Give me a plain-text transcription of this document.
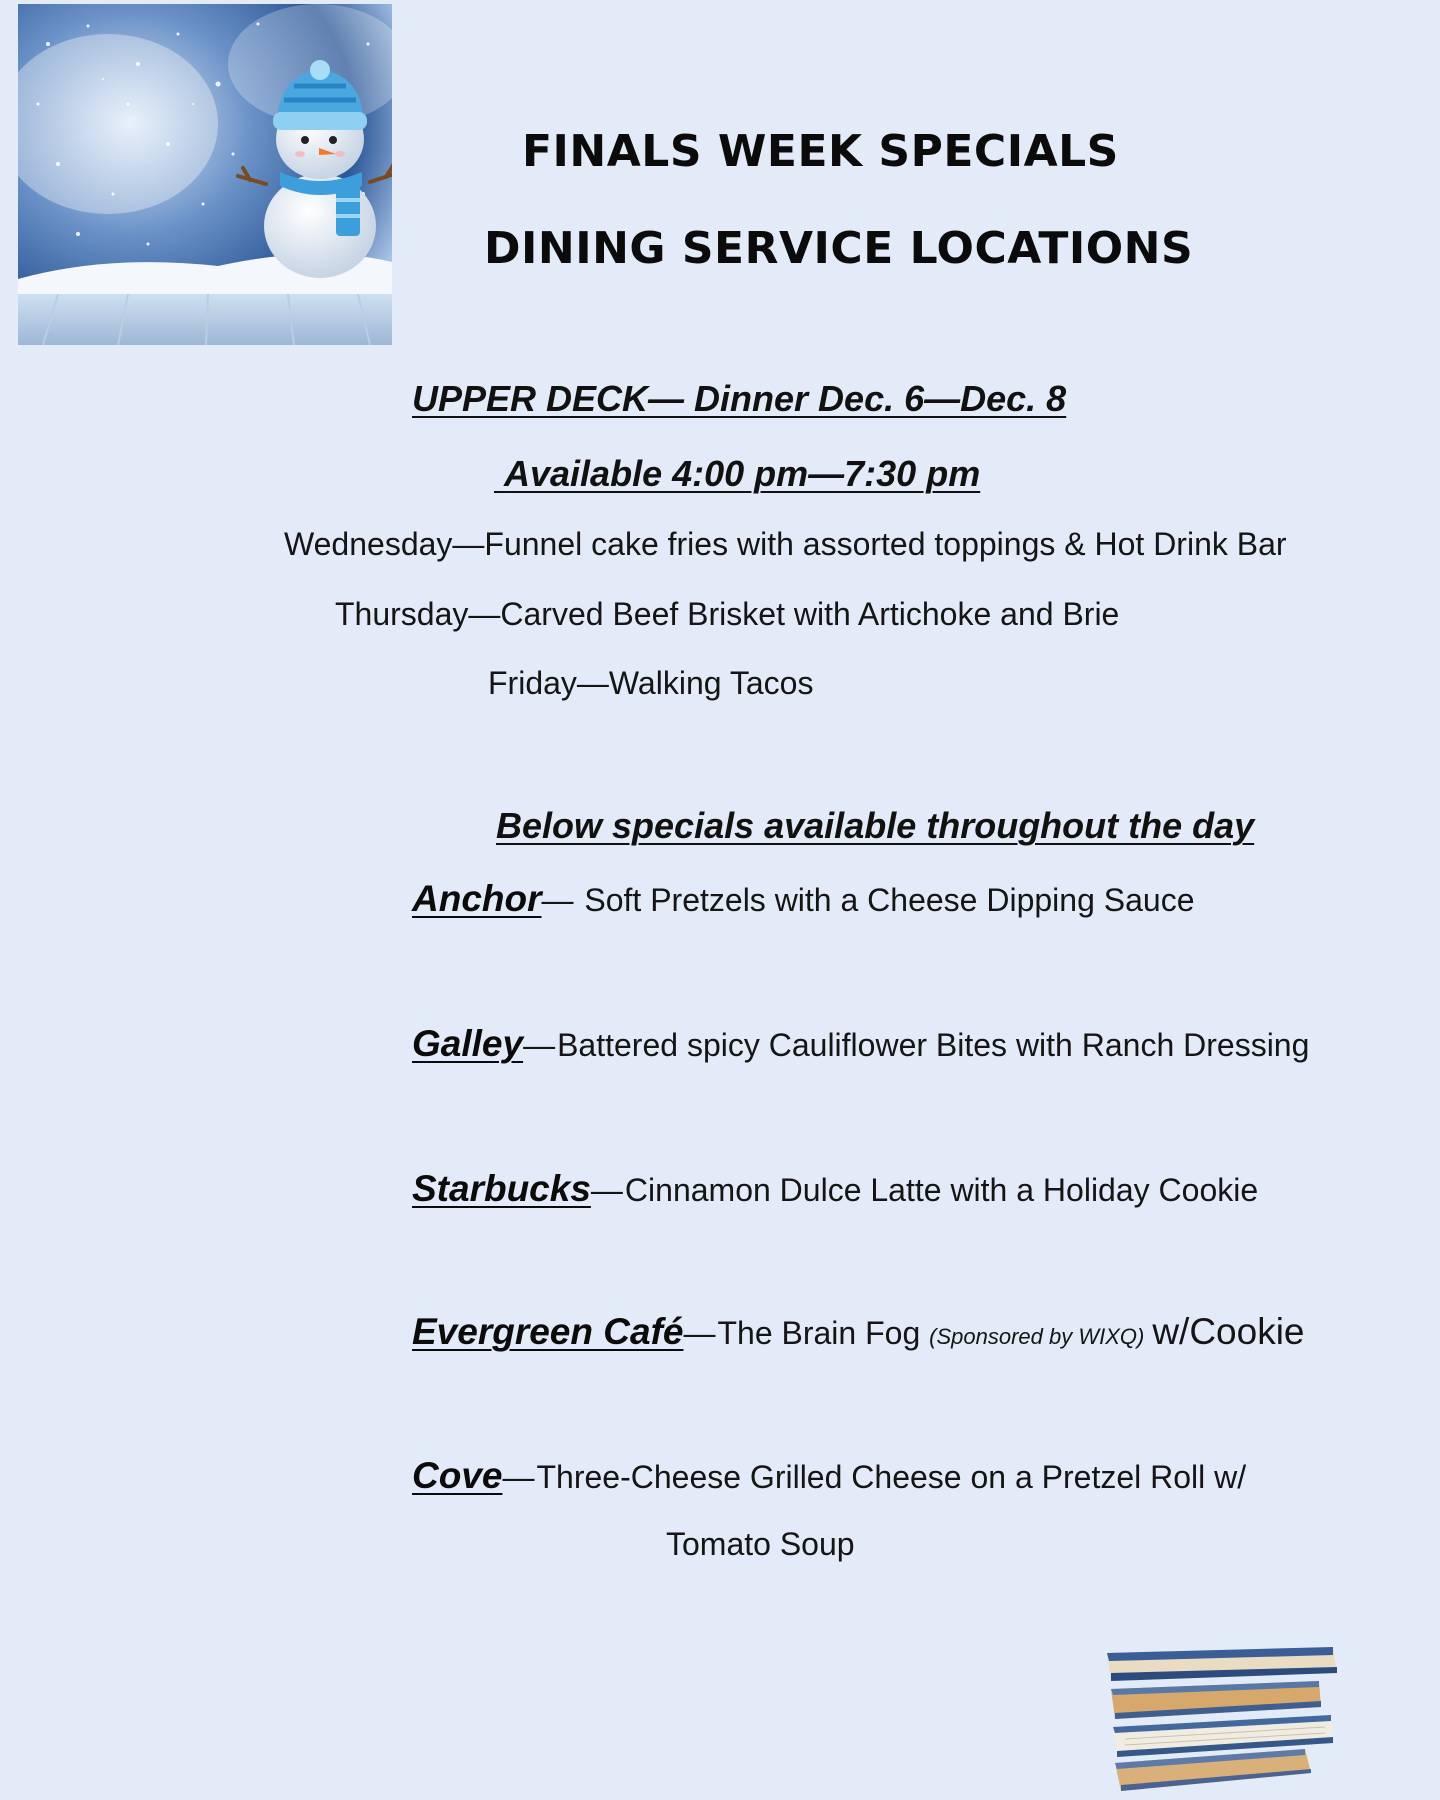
FINALS WEEK SPECIALS
DINING SERVICE LOCATIONS
UPPER DECK— Dinner Dec. 6—Dec. 8
Available 4:00 pm—7:30 pm
Wednesday—Funnel cake fries with assorted toppings & Hot Drink Bar
Thursday—Carved Beef Brisket with Artichoke and Brie
Friday—Walking Tacos
Below specials available throughout the day
Anchor— Soft Pretzels with a Cheese Dipping Sauce
Galley—Battered spicy Cauliflower Bites with Ranch Dressing
Starbucks—Cinnamon Dulce Latte with a Holiday Cookie
Evergreen Café—The Brain Fog (Sponsored by WIXQ) w/Cookie
Cove—Three-Cheese Grilled Cheese on a Pretzel Roll w/
Tomato Soup
